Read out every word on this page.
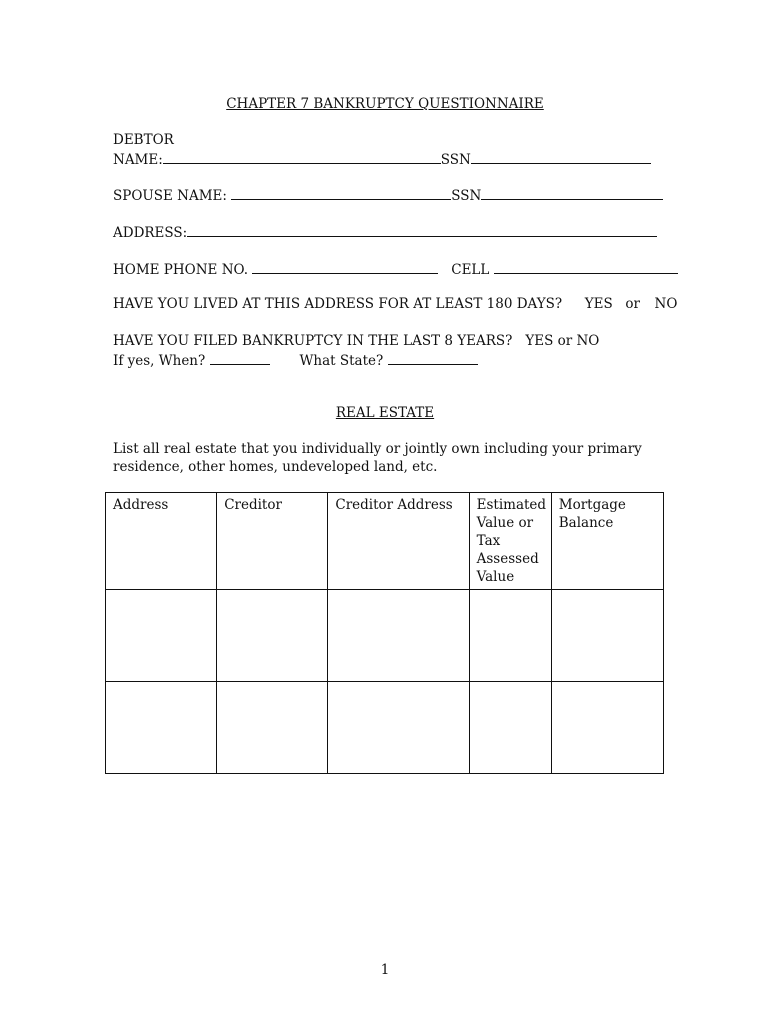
CHAPTER 7 BANKRUPTCY QUESTIONNAIRE
DEBTOR
NAME:	SSN
SPOUSE NAME:	SSN
ADDRESS:
HOME PHONE NO.	CELL
HAVE YOU LIVED AT THIS ADDRESS FOR AT LEAST 180 DAYS? YES or NO
HAVE YOU FILED BANKRUPTCY IN THE LAST 8 YEARS? YES or NO
If yes, When?	What State?
REAL ESTATE
List all real estate that you individually or jointly own including your primary residence, other homes, undeveloped land, etc.
Address	Creditor	Creditor Address	Estimated Value or Tax Assessed Value	Mortgage Balance

1
